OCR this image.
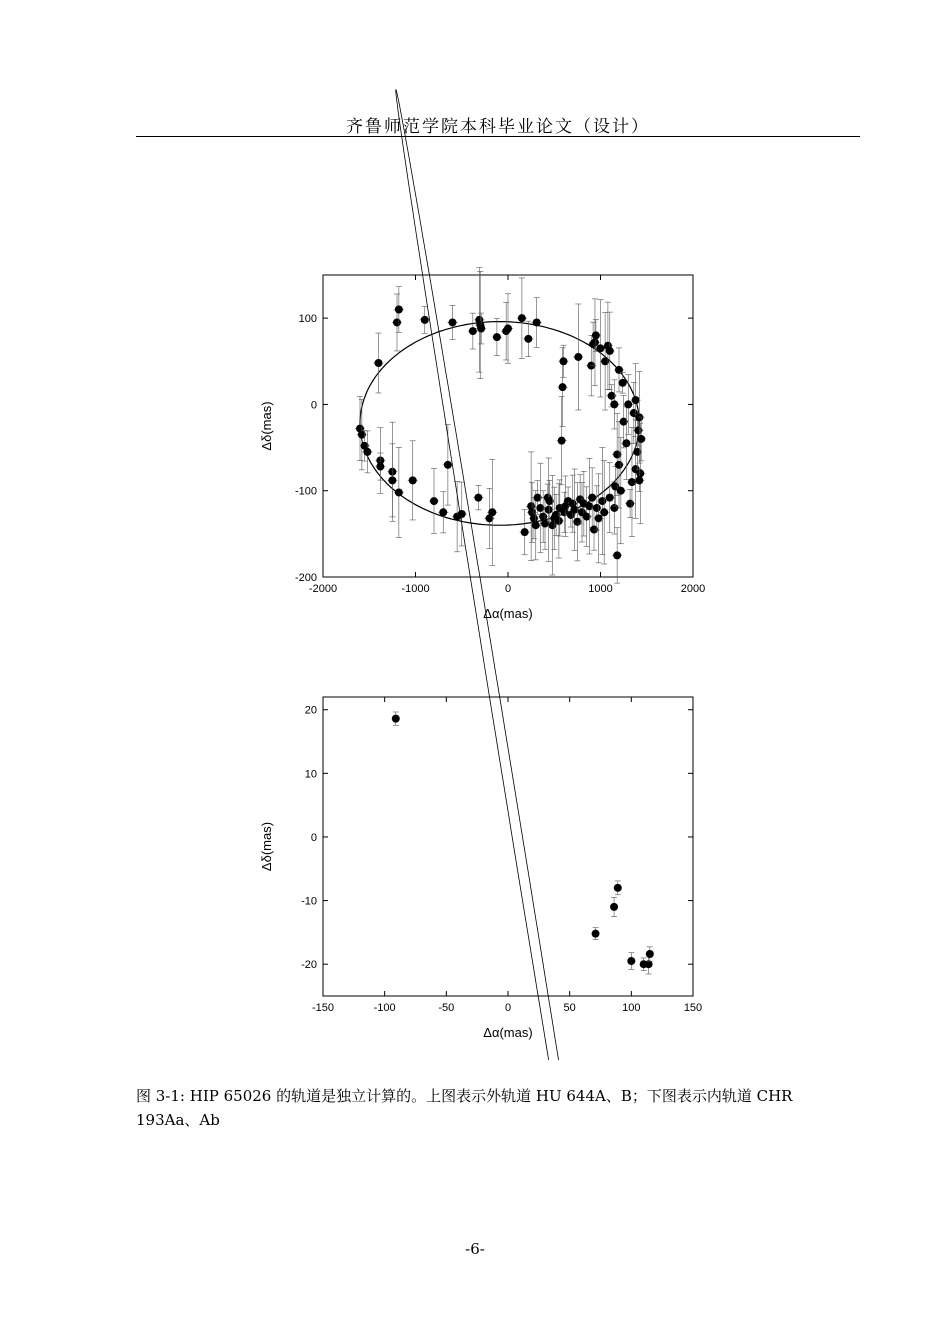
齐鲁师范学院本科毕业论文（设计）
-2000	-1000	0	1000	2000
-200
-100
0
100
Δα(mas)
Δδ(mas)
-150	-100	-50	0	50	100	150
-20
-10
0
10
20
Δα(mas)
Δδ(mas)
图 3-1: HIP 65026 的轨道是独立计算的。上图表示外轨道 HU 644A、B；下图表示内轨道 CHR 193Aa、Ab
-6-
